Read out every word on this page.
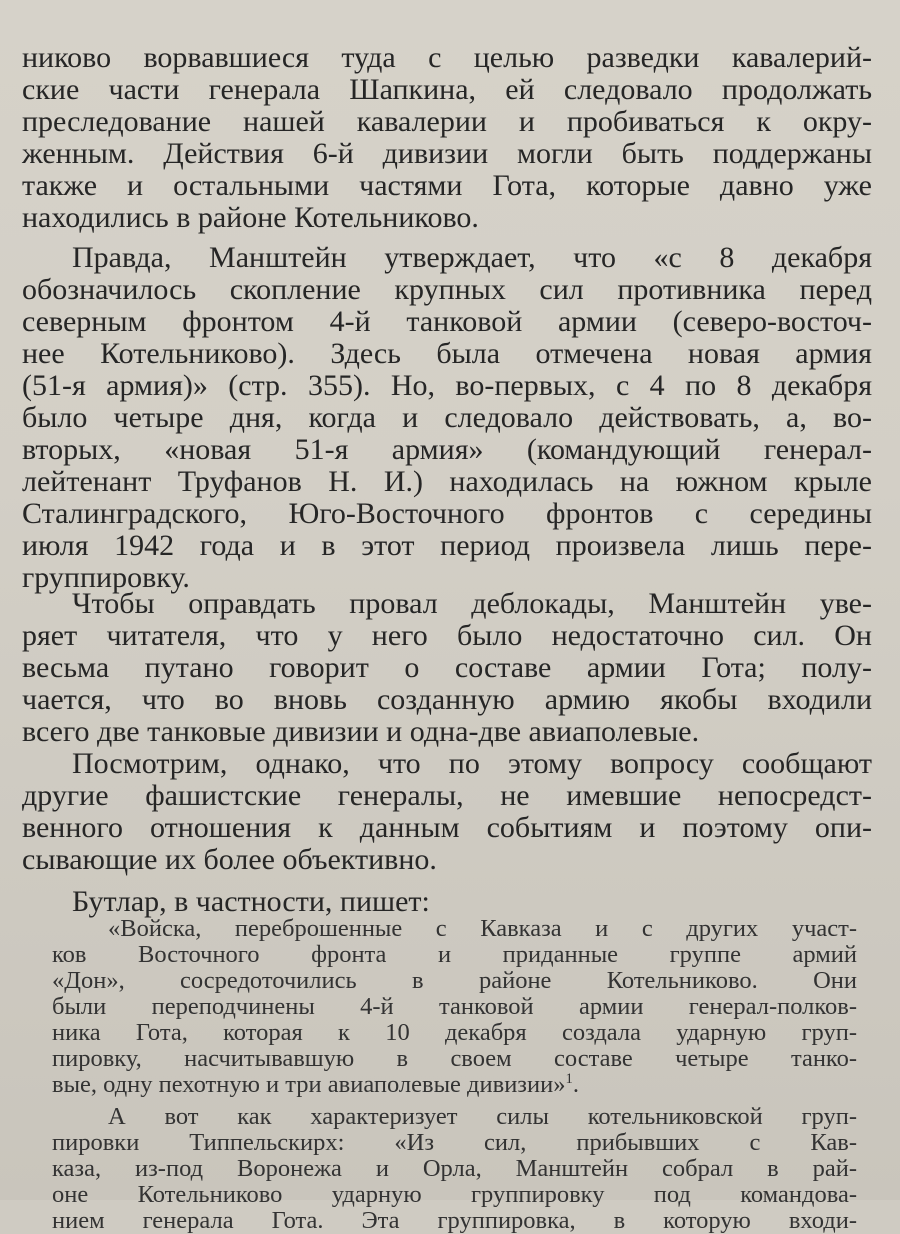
никово ворвавшиеся туда с целью разведки кавалерий-
ские части генерала Шапкина, ей следовало продолжать
преследование нашей кавалерии и пробиваться к окру-
женным. Действия 6-й дивизии могли быть поддержаны
также и остальными частями Гота, которые давно уже
находились в районе Котельниково.
Правда, Манштейн утверждает, что «с 8 декабря
обозначилось скопление крупных сил противника перед
северным фронтом 4-й танковой армии (северо-восточ-
нее Котельниково). Здесь была отмечена новая армия
(51-я армия)» (стр. 355). Но, во-первых, с 4 по 8 декабря
было четыре дня, когда и следовало действовать, а, во-
вторых, «новая 51-я армия» (командующий генерал-
лейтенант Труфанов Н. И.) находилась на южном крыле
Сталинградского, Юго-Восточного фронтов с середины
июля 1942 года и в этот период произвела лишь пере-
группировку.
Чтобы оправдать провал деблокады, Манштейн уве-
ряет читателя, что у него было недостаточно сил. Он
весьма путано говорит о составе армии Гота; полу-
чается, что во вновь созданную армию якобы входили
всего две танковые дивизии и одна-две авиаполевые.
Посмотрим, однако, что по этому вопросу сообщают
другие фашистские генералы, не имевшие непосредст-
венного отношения к данным событиям и поэтому опи-
сывающие их более объективно.
Бутлар, в частности, пишет:
«Войска, переброшенные с Кавказа и с других участ-
ков Восточного фронта и приданные группе армий
«Дон», сосредоточились в районе Котельниково. Они
были переподчинены 4-й танковой армии генерал-полков-
ника Гота, которая к 10 декабря создала ударную груп-
пировку, насчитывавшую в своем составе четыре танко-
вые, одну пехотную и три авиаполевые дивизии»$^1$.
А вот как характеризует силы котельниковской груп-
пировки Типпельскирх: «Из сил, прибывших с Кав-
каза, из-под Воронежа и Орла, Манштейн собрал в рай-
оне Котельниково ударную группировку под командова-
нием генерала Гота. Эта группировка, в которую входи-
